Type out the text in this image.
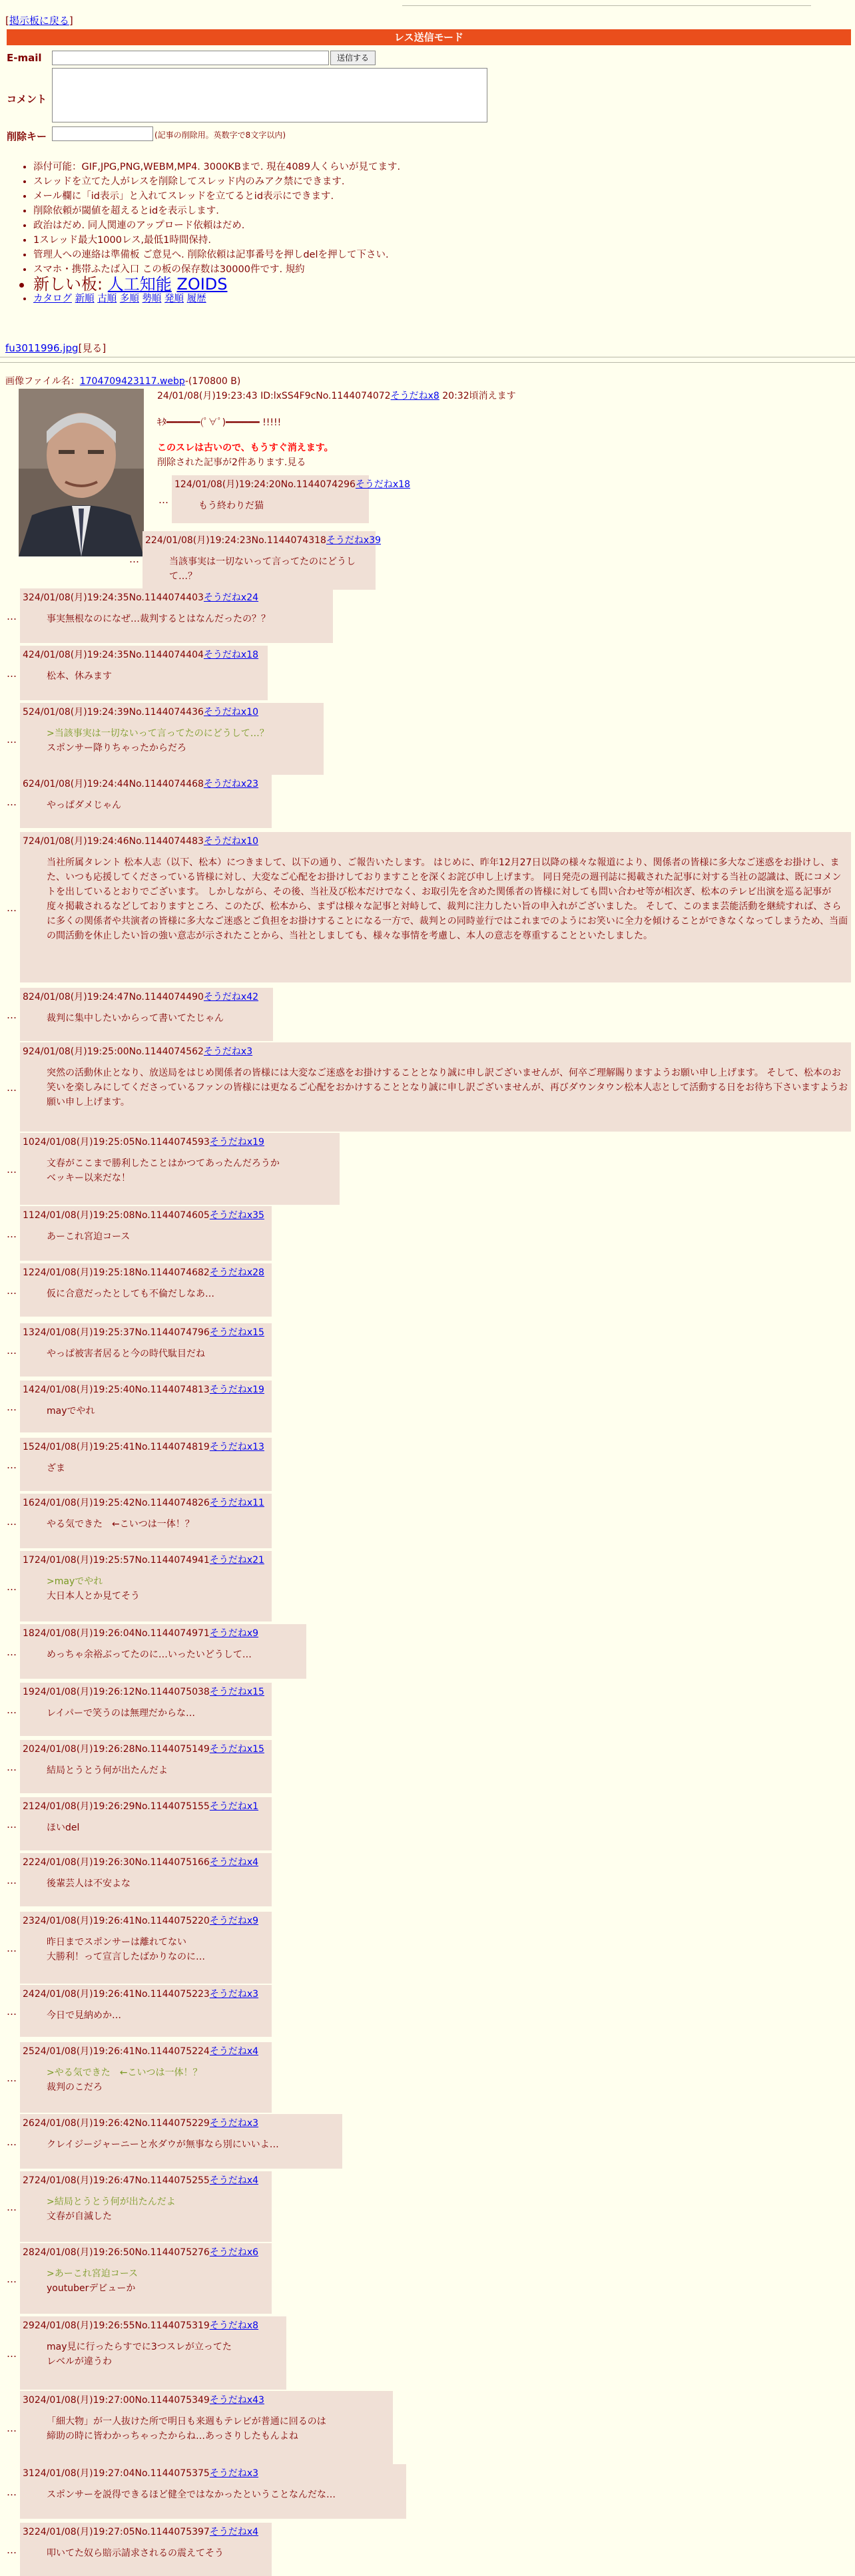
[掲示板に戻る]
レス送信モード
E-mail	送信する
コメント
削除キー	(記事の削除用。英数字で8文字以内)
• 添付可能：GIF,JPG,PNG,WEBM,MP4. 3000KBまで. 現在4089人くらいが見てます.
• スレッドを立てた人がレスを削除してスレッド内のみアク禁にできます.
• メール欄に「id表示」と入れてスレッドを立てるとid表示にできます.
• 削除依頼が閾値を超えるとidを表示します.
• 政治はだめ. 同人関連のアップロード依頼はだめ.
• 1スレッド最大1000レス,最低1時間保持.
• 管理人への連絡は準備板 ご意見へ. 削除依頼は記事番号を押しdelを押して下さい.
• スマホ・携帯ふたば入口 この板の保存数は30000件です. 規約
• 新しい板: 人工知能 ZOIDS
• カタログ 新順 古順 多順 勢順 発順 履歴
fu3011996.jpg[見る]
画像ファイル名：1704709423117.webp-(170800 B)
24/01/08(月)19:23:43 ID:lxSS4F9cNo.1144074072そうだねx8 20:32頃消えます
ｷﾀ━━━━━━(ﾟ∀ﾟ)━━━━━━ !!!!!
このスレは古いので、もうすぐ消えます。
削除された記事が2件あります.見る
…
124/01/08(月)19:24:20No.1144074296そうだねx18
もう終わりだ猫
…
224/01/08(月)19:24:23No.1144074318そうだねx39
当該事実は一切ないって言ってたのにどうして…？
…
324/01/08(月)19:24:35No.1144074403そうだねx24
事実無根なのになぜ…裁判するとはなんだったの？？
…
424/01/08(月)19:24:35No.1144074404そうだねx18
松本、休みます
…
524/01/08(月)19:24:39No.1144074436そうだねx10
>当該事実は一切ないって言ってたのにどうして…？
スポンサー降りちゃったからだろ
…
624/01/08(月)19:24:44No.1144074468そうだねx23
やっぱダメじゃん
…
724/01/08(月)19:24:46No.1144074483そうだねx10
当社所属タレント 松本人志（以下、松本）につきまして、以下の通り、ご報告いたします。 はじめに、昨年12月27日以降の様々な報道により、関係者の皆様に多大なご迷惑をお掛けし、また、いつも応援してくださっている皆様に対し、大変なご心配をお掛けしておりますことを深くお詫び申し上げます。 同日発売の週刊誌に掲載された記事に対する当社の認識は、既にコメントを出しているとおりでございます。 しかしながら、その後、当社及び松本だけでなく、お取引先を含めた関係者の皆様に対しても問い合わせ等が相次ぎ、松本のテレビ出演を巡る記事が度々掲載されるなどしておりますところ、このたび、松本から、まずは様々な記事と対峙して、裁判に注力したい旨の申入れがございました。 そして、このまま芸能活動を継続すれば、さらに多くの関係者や共演者の皆様に多大なご迷惑とご負担をお掛けすることになる一方で、裁判との同時並行ではこれまでのようにお笑いに全力を傾けることができなくなってしまうため、当面の間活動を休止したい旨の強い意志が示されたことから、当社としましても、様々な事情を考慮し、本人の意志を尊重することといたしました。
…
824/01/08(月)19:24:47No.1144074490そうだねx42
裁判に集中したいからって書いてたじゃん
…
924/01/08(月)19:25:00No.1144074562そうだねx3
突然の活動休止となり、放送局をはじめ関係者の皆様には大変なご迷惑をお掛けすることとなり誠に申し訳ございませんが、何卒ご理解賜りますようお願い申し上げます。 そして、松本のお笑いを楽しみにしてくださっているファンの皆様には更なるご心配をおかけすることとなり誠に申し訳ございませんが、再びダウンタウン松本人志として活動する日をお待ち下さいますようお願い申し上げます。
…
1024/01/08(月)19:25:05No.1144074593そうだねx19
文春がここまで勝利したことはかつてあったんだろうか
ベッキー以来だな！
…
1124/01/08(月)19:25:08No.1144074605そうだねx35
あーこれ宮迫コース
…
1224/01/08(月)19:25:18No.1144074682そうだねx28
仮に合意だったとしても不倫だしなあ…
…
1324/01/08(月)19:25:37No.1144074796そうだねx15
やっぱ被害者居ると今の時代駄目だね
…
1424/01/08(月)19:25:40No.1144074813そうだねx19
mayでやれ
…
1524/01/08(月)19:25:41No.1144074819そうだねx13
ざま
…
1624/01/08(月)19:25:42No.1144074826そうだねx11
やる気できた　←こいつは一体！？
…
1724/01/08(月)19:25:57No.1144074941そうだねx21
>mayでやれ
大日本人とか見てそう
…
1824/01/08(月)19:26:04No.1144074971そうだねx9
めっちゃ余裕ぶってたのに…いったいどうして…
…
1924/01/08(月)19:26:12No.1144075038そうだねx15
レイパーで笑うのは無理だからな…
…
2024/01/08(月)19:26:28No.1144075149そうだねx15
結局とうとう何が出たんだよ
…
2124/01/08(月)19:26:29No.1144075155そうだねx1
ほいdel
…
2224/01/08(月)19:26:30No.1144075166そうだねx4
後輩芸人は不安よな
…
2324/01/08(月)19:26:41No.1144075220そうだねx9
昨日までスポンサーは離れてない
大勝利！って宣言したばかりなのに…
…
2424/01/08(月)19:26:41No.1144075223そうだねx3
今日で見納めか…
…
2524/01/08(月)19:26:41No.1144075224そうだねx4
>やる気できた　←こいつは一体！？
裁判のこだろ
…
2624/01/08(月)19:26:42No.1144075229そうだねx3
クレイジージャーニーと水ダウが無事なら別にいいよ…
…
2724/01/08(月)19:26:47No.1144075255そうだねx4
>結局とうとう何が出たんだよ
文春が自滅した
…
2824/01/08(月)19:26:50No.1144075276そうだねx6
>あーこれ宮迫コース
youtuberデビューか
…
2924/01/08(月)19:26:55No.1144075319そうだねx8
may見に行ったらすでに3つスレが立ってた
レベルが違うわ
…
3024/01/08(月)19:27:00No.1144075349そうだねx43
「細大物」が一人抜けた所で明日も来週もテレビが普通に回るのは
締助の時に皆わかっちゃったからね…あっさりしたもんよね
…
3124/01/08(月)19:27:04No.1144075375そうだねx3
スポンサーを説得できるほど健全ではなかったということなんだな…
…
3224/01/08(月)19:27:05No.1144075397そうだねx4
叩いてた奴ら賠示請求されるの震えてそう
